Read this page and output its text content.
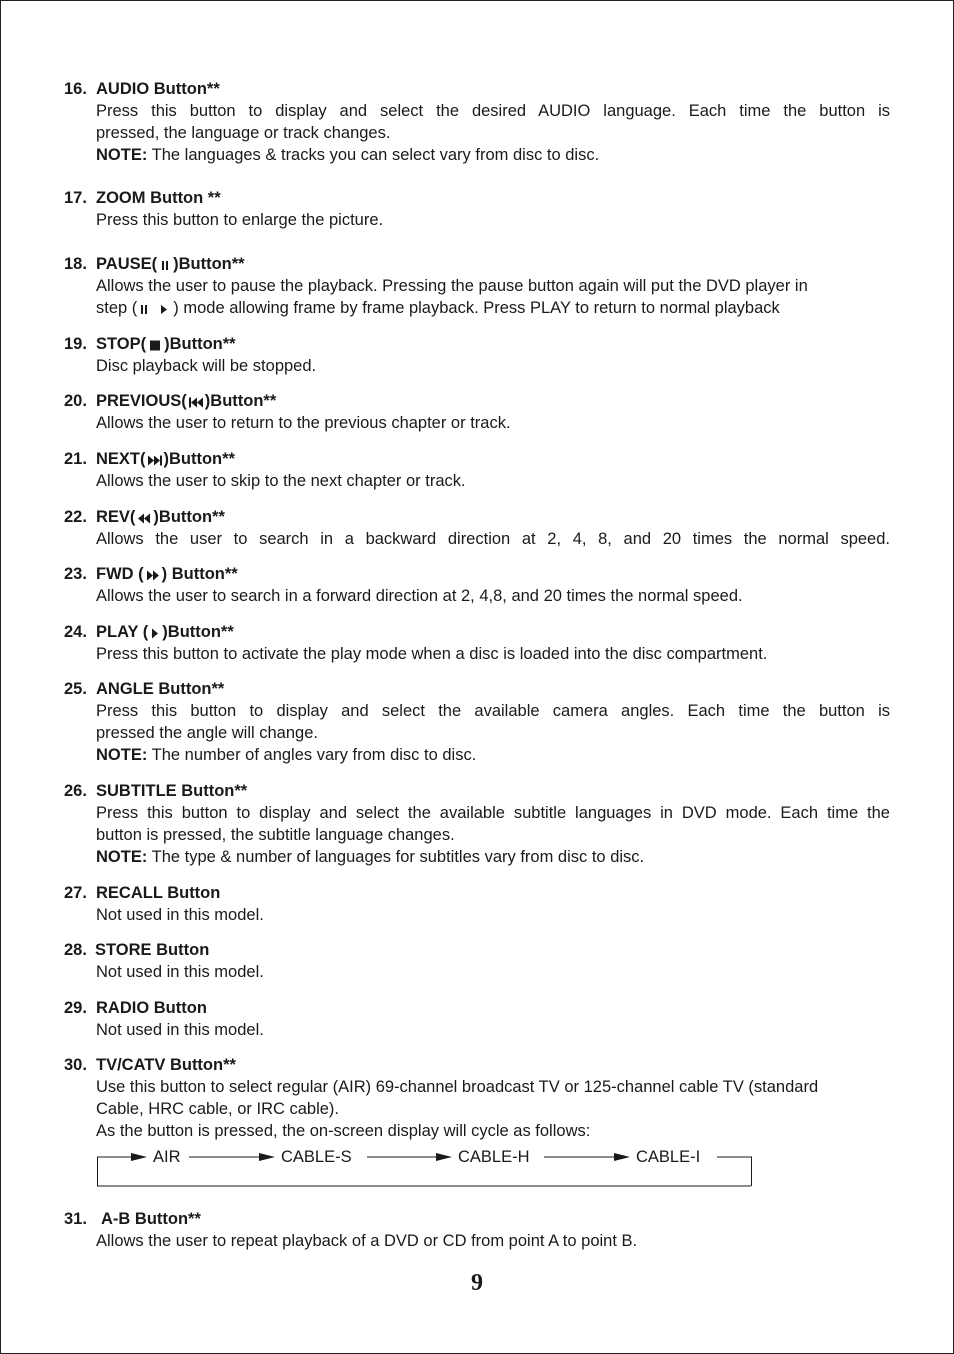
16. AUDIO Button**

Press this button to display and select the desired AUDIO language. Each time the button is

pressed, the language or track changes.

NOTE: The languages & tracks you can select vary from disc to disc.

17. ZOOM Button **

Press this button to enlarge the picture.

18. PAUSE( )Button**

Allows the user to pause the playback. Pressing the pause button again will put the DVD player in

step ( ) mode allowing frame by frame playback. Press PLAY to return to normal playback

19. STOP( )Button**

Disc playback will be stopped.

20. PREVIOUS( )Button**

Allows the user to return to the previous chapter or track.

21. NEXT( )Button**

Allows the user to skip to the next chapter or track.

22. REV( )Button**

Allows the user to search in a backward direction at 2, 4, 8, and 20 times the normal speed.

23. FWD ( ) Button**

Allows the user to search in a forward direction at 2, 4,8, and 20 times the normal speed.

24. PLAY ( )Button**

Press this button to activate the play mode when a disc is loaded into the disc compartment.

25. ANGLE Button**

Press this button to display and select the available camera angles. Each time the button is

pressed the angle will change.

NOTE: The number of angles vary from disc to disc.

26. SUBTITLE Button**

Press this button to display and select the available subtitle languages in DVD mode. Each time the

button is pressed, the subtitle language changes.

NOTE: The type & number of languages for subtitles vary from disc to disc.

27. RECALL Button

Not used in this model.

28. STORE Button

Not used in this model.

29. RADIO Button

Not used in this model.

30. TV/CATV Button**

Use this button to select regular (AIR) 69-channel broadcast TV or 125-channel cable TV (standard

Cable, HRC cable, or IRC cable).

As the button is pressed, the on-screen display will cycle as follows:

AIR	CABLE-S	CABLE-H	CABLE-I
31. A-B Button**

Allows the user to repeat playback of a DVD or CD from point A to point B.

9
